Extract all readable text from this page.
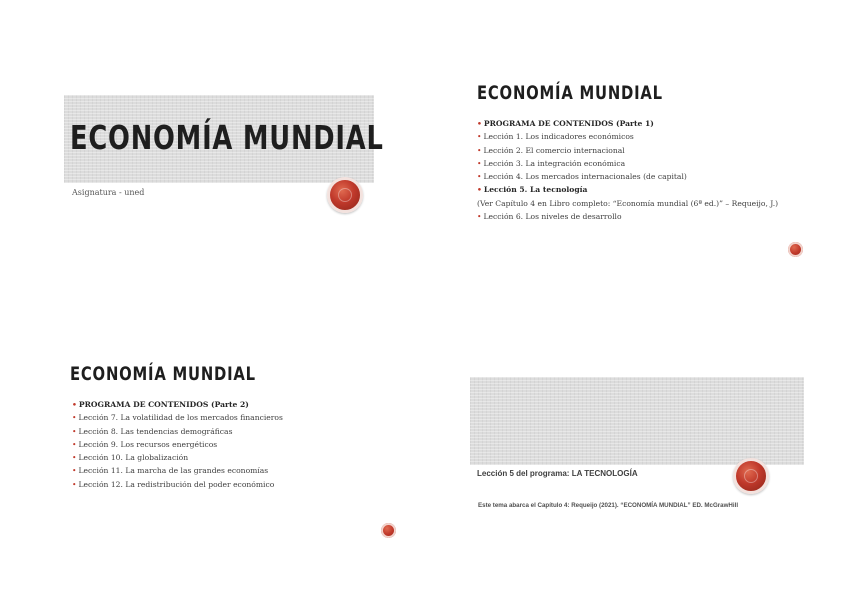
ECONOMÍA MUNDIAL
Asignatura - uned
ECONOMÍA MUNDIAL
• PROGRAMA DE CONTENIDOS (Parte 1)
• Lección 1. Los indicadores económicos
• Lección 2. El comercio internacional
• Lección 3. La integración económica
• Lección 4. Los mercados internacionales (de capital)
• Lección 5. La tecnología
(Ver Capítulo 4 en Libro completo: “Economía mundial (6ª ed.)” – Requeijo, J.)
• Lección 6. Los niveles de desarrollo
ECONOMÍA MUNDIAL
• PROGRAMA DE CONTENIDOS (Parte 2)
• Lección 7. La volatilidad de los mercados financieros
• Lección 8. Las tendencias demográficas
• Lección 9. Los recursos energéticos
• Lección 10. La globalización
• Lección 11. La marcha de las grandes economías
• Lección 12. La redistribución del poder económico
Lección 5 del programa: LA TECNOLOGÍA
Este tema abarca el Capítulo 4: Requeijo (2021). “ECONOMÍA MUNDIAL” ED. McGrawHill
